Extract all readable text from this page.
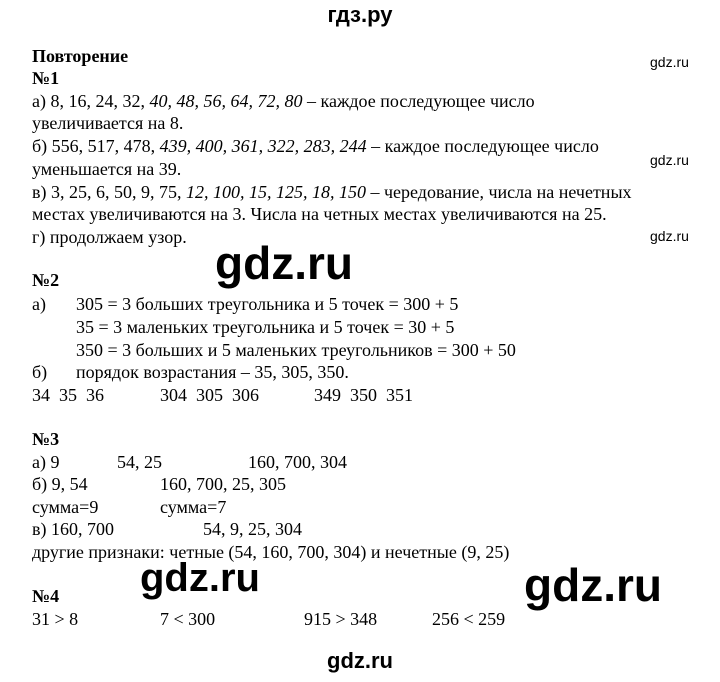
гдз.ру
gdz.ru
gdz.ru
gdz.ru
gdz.ru
gdz.ru	gdz.ru
Повторение
№1
а) 8, 16, 24, 32, 40, 48, 56, 64, 72, 80 – каждое последующее число
увеличивается на 8.
б) 556, 517, 478, 439, 400, 361, 322, 283, 244 – каждое последующее число
уменьшается на 39.
в) 3, 25, 6, 50, 9, 75, 12, 100, 15, 125, 18, 150 – чередование, числа на нечетных
местах увеличиваются на 3. Числа на четных местах увеличиваются на 25.
г) продолжаем узор.
№2
а) 305 = 3 больших треугольника и 5 точек = 300 + 5
35 = 3 маленьких треугольника и 5 точек = 30 + 5
350 = 3 больших и 5 маленьких треугольников = 300 + 50
б) порядок возрастания – 35, 305, 350.
34  35  36	304  305  306	349  350  351
№3
а) 9	54, 25	160, 700, 304
б) 9, 54	160, 700, 25, 305
сумма=9	сумма=7
в) 160, 700	54, 9, 25, 304
другие признаки: четные (54, 160, 700, 304) и нечетные (9, 25)
№4
31 > 8	7 < 300	915 > 348	256 < 259
gdz.ru
